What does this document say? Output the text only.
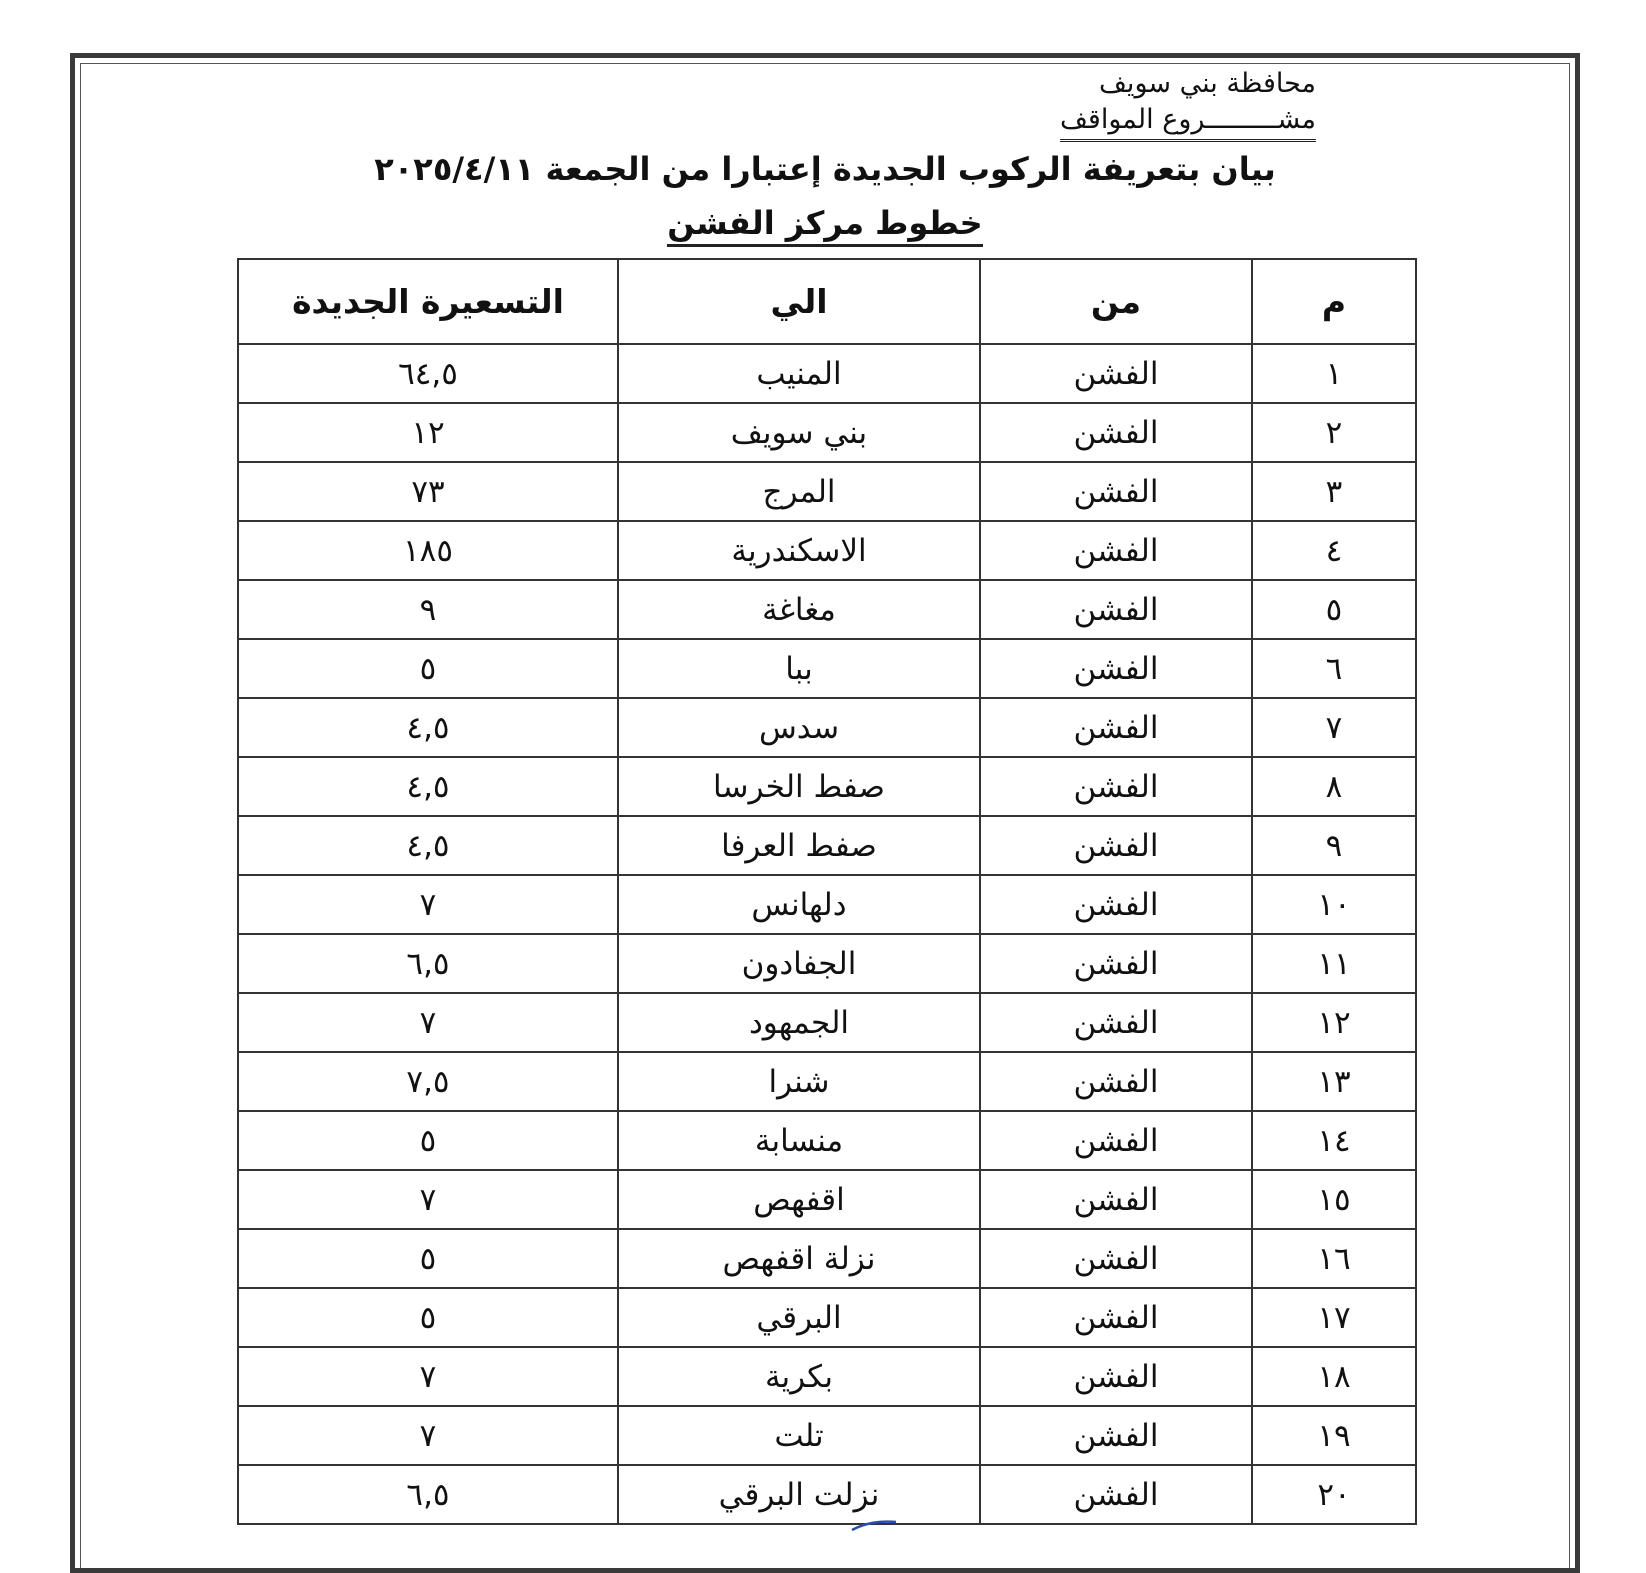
محافظة بني سويف
مشـــــــــروع المواقف
بيان بتعريفة الركوب الجديدة إعتبارا من الجمعة ٢٠٢٥/٤/١١
خطوط مركز الفشن
م	من	الي	التسعيرة الجديدة
١	الفشن	المنيب	٦٤,٥
٢	الفشن	بني سويف	١٢
٣	الفشن	المرج	٧٣
٤	الفشن	الاسكندرية	١٨٥
٥	الفشن	مغاغة	٩
٦	الفشن	ببا	٥
٧	الفشن	سدس	٤,٥
٨	الفشن	صفط الخرسا	٤,٥
٩	الفشن	صفط العرفا	٤,٥
١٠	الفشن	دلهانس	٧
١١	الفشن	الجفادون	٦,٥
١٢	الفشن	الجمهود	٧
١٣	الفشن	شنرا	٧,٥
١٤	الفشن	منسابة	٥
١٥	الفشن	اقفهص	٧
١٦	الفشن	نزلة اقفهص	٥
١٧	الفشن	البرقي	٥
١٨	الفشن	بكرية	٧
١٩	الفشن	تلت	٧
٢٠	الفشن	نزلت البرقي	٦,٥
